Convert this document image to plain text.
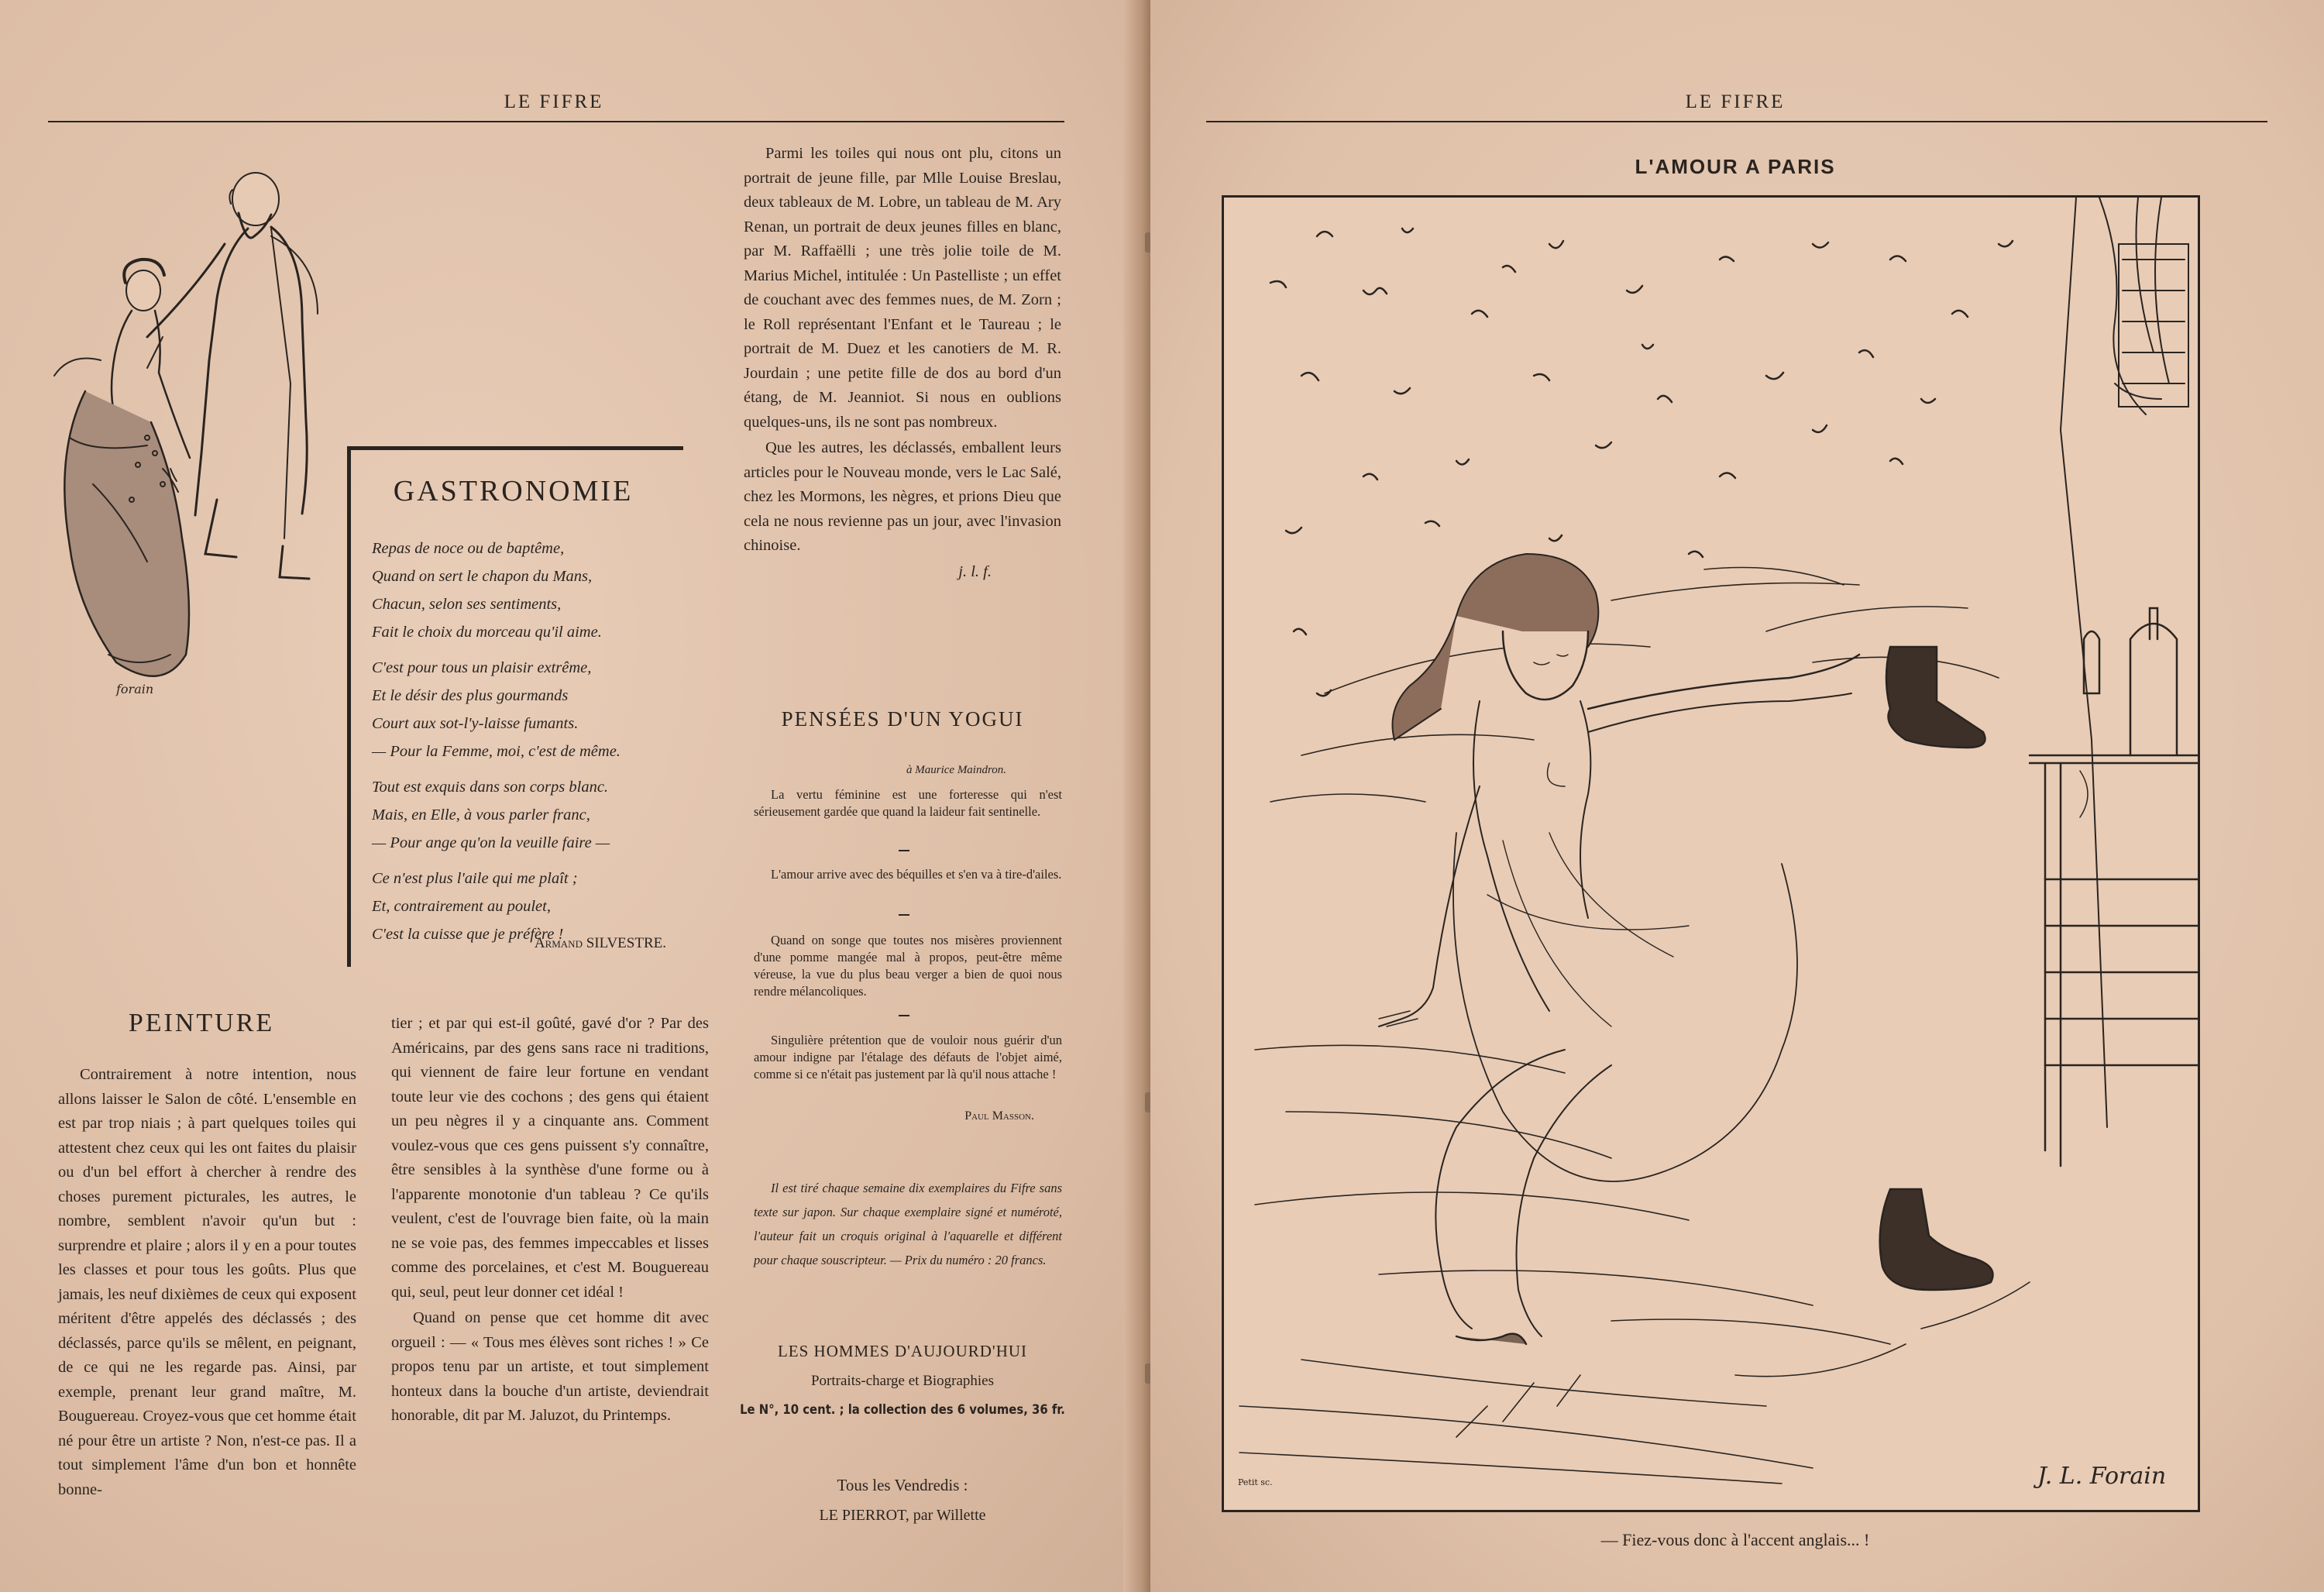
LE FIFRE
forain
GASTRONOMIE
Repas de noce ou de baptême,
Quand on sert le chapon du Mans,
Chacun, selon ses sentiments,
Fait le choix du morceau qu'il aime.
C'est pour tous un plaisir extrême,
Et le désir des plus gourmands
Court aux sot-l'y-laisse fumants.
— Pour la Femme, moi, c'est de même.
Tout est exquis dans son corps blanc.
Mais, en Elle, à vous parler franc,
— Pour ange qu'on la veuille faire —
Ce n'est plus l'aile qui me plaît ;
Et, contrairement au poulet,
C'est la cuisse que je préfère !
Armand SILVESTRE.
PEINTURE
Contrairement à notre intention, nous allons laisser le Salon de côté. L'ensemble en est par trop niais ; à part quelques toiles qui attestent chez ceux qui les ont faites du plaisir ou d'un bel effort à chercher à rendre des choses purement picturales, les autres, le nombre, semblent n'avoir qu'un but : surprendre et plaire ; alors il y en a pour toutes les classes et pour tous les goûts. Plus que jamais, les neuf dixièmes de ceux qui exposent méritent d'être appelés des déclassés ; des déclassés, parce qu'ils se mêlent, en peignant, de ce qui ne les regarde pas. Ainsi, par exemple, prenant leur grand maître, M. Bouguereau. Croyez-vous que cet homme était né pour être un artiste ? Non, n'est-ce pas. Il a tout simplement l'âme d'un bon et honnête bonne-

tier ; et par qui est-il goûté, gavé d'or ? Par des Américains, par des gens sans race ni traditions, qui viennent de faire leur fortune en vendant toute leur vie des cochons ; des gens qui étaient un peu nègres il y a cinquante ans. Comment voulez-vous que ces gens puissent s'y connaître, être sensibles à la synthèse d'une forme ou à l'apparente monotonie d'un tableau ? Ce qu'ils veulent, c'est de l'ouvrage bien faite, où la main ne se voie pas, des femmes impeccables et lisses comme des porcelaines, et c'est M. Bouguereau qui, seul, peut leur donner cet idéal !

Quand on pense que cet homme dit avec orgueil : — « Tous mes élèves sont riches ! » Ce propos tenu par un artiste, et tout simplement honteux dans la bouche d'un artiste, deviendrait honorable, dit par M. Jaluzot, du Printemps.

Parmi les toiles qui nous ont plu, citons un portrait de jeune fille, par Mlle Louise Breslau, deux tableaux de M. Lobre, un tableau de M. Ary Renan, un portrait de deux jeunes filles en blanc, par M. Raffaëlli ; une très jolie toile de M. Marius Michel, intitulée : Un Pastelliste ; un effet de couchant avec des femmes nues, de M. Zorn ; le Roll représentant l'Enfant et le Taureau ; le portrait de M. Duez et les canotiers de M. R. Jourdain ; une petite fille de dos au bord d'un étang, de M. Jeanniot. Si nous en oublions quelques-uns, ils ne sont pas nombreux.

Que les autres, les déclassés, emballent leurs articles pour le Nouveau monde, vers le Lac Salé, chez les Mormons, les nègres, et prions Dieu que cela ne nous revienne pas un jour, avec l'invasion chinoise.

j. l. f.

PENSÉES D'UN YOGUI
à Maurice Maindron.
La vertu féminine est une forteresse qui n'est sérieusement gardée que quand la laideur fait sentinelle.
L'amour arrive avec des béquilles et s'en va à tire-d'ailes.
Quand on songe que toutes nos misères proviennent d'une pomme mangée mal à propos, peut-être même véreuse, la vue du plus beau verger a bien de quoi nous rendre mélancoliques.
Singulière prétention que de vouloir nous guérir d'un amour indigne par l'étalage des défauts de l'objet aimé, comme si ce n'était pas justement par là qu'il nous attache !
Paul Masson.
Il est tiré chaque semaine dix exemplaires du Fifre sans texte sur japon. Sur chaque exemplaire signé et numéroté, l'auteur fait un croquis original à l'aquarelle et différent pour chaque souscripteur. — Prix du numéro : 20 francs.
LES HOMMES D'AUJOURD'HUI
Portraits-charge et Biographies
Le N°, 10 cent. ; la collection des 6 volumes, 36 fr.
Tous les Vendredis :
LE PIERROT, par Willette
LE FIFRE
L'AMOUR A PARIS
— Fiez-vous donc à l'accent anglais... !
J. L. Forain
Petit sc.
